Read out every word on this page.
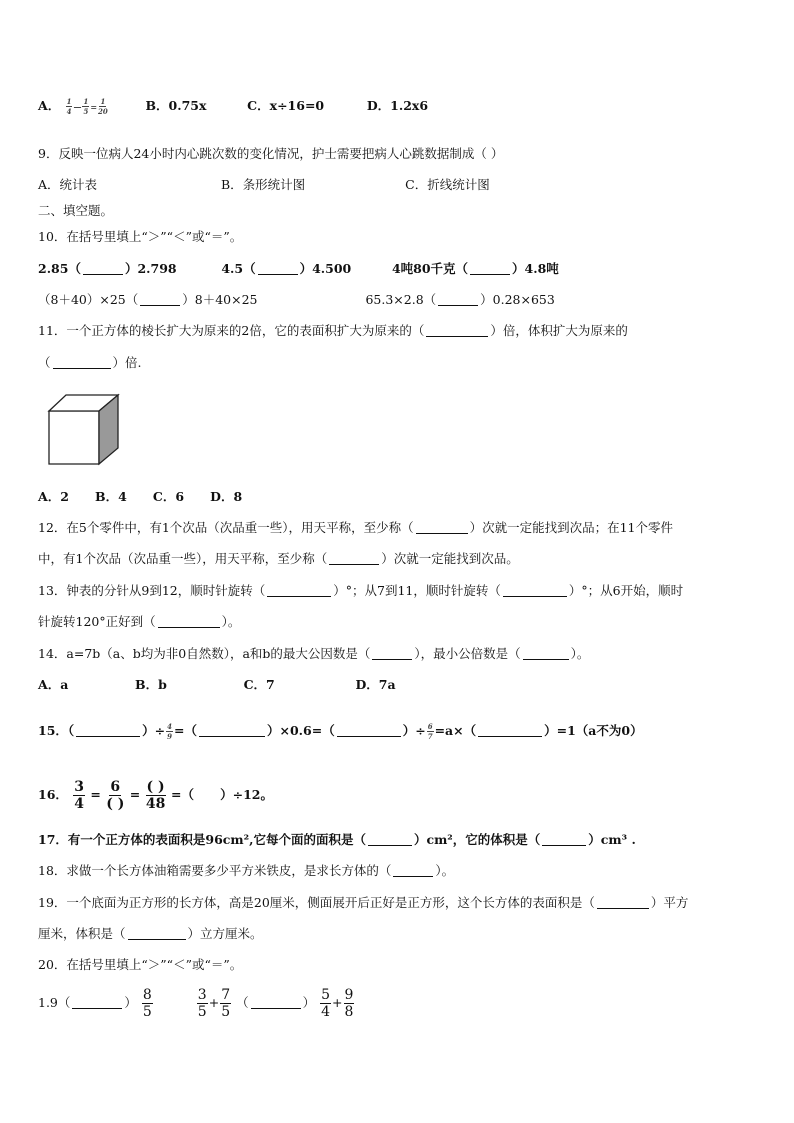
A． $\frac{1}{4}$ — $\frac{1}{5} = \frac{1}{20}$	B．0.75x	C．x÷16=0	D．1.2x6
9．反映一位病人24小时内心跳次数的变化情况，护士需要把病人心跳数据制成（ ）
A．统计表	B．条形统计图	C．折线统计图
二、填空题。
10．在括号里填上“＞”“＜”或“＝”。
2.85（	）2.798	4.5（	）4.500	4吨80千克（	）4.8吨
（8＋40）×25（	）8＋40×25	65.3×2.8（	）0.28×653
11．一个正方体的棱长扩大为原来的2倍，它的表面积扩大为原来的（	）倍，体积扩大为原来的
（	）倍.
A．2      B．4      C．6      D．8
12．在5个零件中，有1个次品（次品重一些），用天平称，至少称（	）次就一定能找到次品；在11个零件
中，有1个次品（次品重一些），用天平称，至少称（	）次就一定能找到次品。
13．钟表的分针从9到12，顺时针旋转（	）°；从7到11，顺时针旋转（	）°；从6开始，顺时
针旋转120°正好到（	）。
14．a=7b（a、b均为非0自然数），a和b的最大公因数是（	），最小公倍数是（	）。
A．a	B．b	C．7	D．7a
15．（	）÷ $\frac{4}{9}$ =（	）×0.6=（	）÷ $\frac{6}{7} =a\times$（	）=1（a不为0）
16． $\frac{3}{4} = \frac{6}{( )} = \frac{( )}{48}$ =（      ）÷12。
17．有一个正方体的表面积是96cm²,它每个面的面积是（	）cm²，它的体积是（	）cm³ .
18．求做一个长方体油箱需要多少平方米铁皮，是求长方体的（	）。
19．一个底面为正方形的长方体，高是20厘米，侧面展开后正好是正方形，这个长方体的表面积是（	）平方
厘米，体积是（	）立方厘米。
20．在括号里填上“＞”“＜”或“＝”。
1.9（	） $\frac{8}{5}$
	$\frac{3}{5} + \frac{7}{5}$ （	） $\frac{5}{4} + \frac{9}{8}$
